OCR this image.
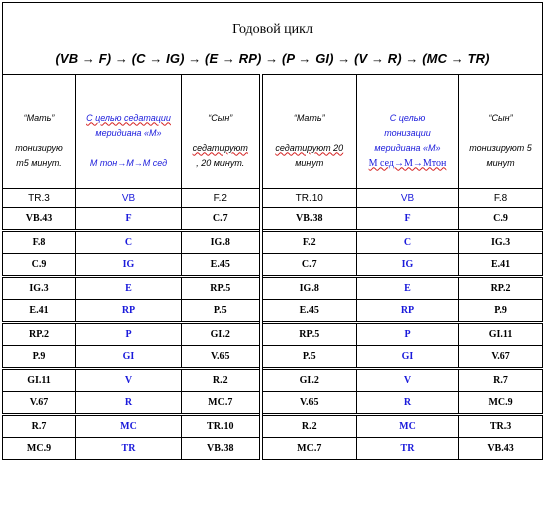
Годовой цикл
(VB → F) → (C → IG) → (E → RP) → (P → GI) → (V → R) → (MC → TR)					

“Мать”
тонизирую
т5 минут.	С целью седатации
меридиана «М»
М тон→М→М сед	“Сын”
седатируют
, 20 минут.	“Мать”
седатируют 20
минут	С целью
тонизации
меридиана «М»
М сед→М→Мтон	“Сын”
тонизируют 5
минут

TR.3	VB	F.2	TR.10	VB	F.8
VB.43	F	C.7	VB.38	F	C.9
F.8	C	IG.8	F.2	C	IG.3
C.9	IG	E.45	C.7	IG	E.41
IG.3	E	RP.5	IG.8	E	RP.2
E.41	RP	P.5	E.45	RP	P.9
RP.2	P	GI.2	RP.5	P	GI.11
P.9	GI	V.65	P.5	GI	V.67
GI.11	V	R.2	GI.2	V	R.7
V.67	R	MC.7	V.65	R	MC.9
R.7	MC	TR.10	R.2	MC	TR.3
MC.9	TR	VB.38	MC.7	TR	VB.43
